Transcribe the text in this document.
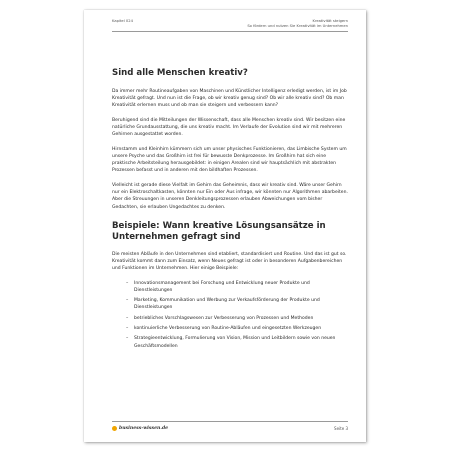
Kapitel 024	Kreativität steigern
So fördern und nutzen Sie Kreativität im Unternehmen
Sind alle Menschen kreativ?

Da immer mehr Routineaufgaben von Maschinen und Künstlicher Intelligenz erledigt werden, ist im Job Kreativität gefragt. Und nun ist die Frage, ob wir kreativ genug sind? Ob wir alle kreativ sind? Ob man Kreativität erlernen muss und ob man sie steigern und verbessern kann?

Beruhigend sind die Mitteilungen der Wissenschaft, dass alle Menschen kreativ sind. Wir besitzen eine natürliche Grundausstattung, die uns kreativ macht. Im Verlaufe der Evolution sind wir mit mehreren Gehirnen ausgestattet worden.

Hirnstamm und Kleinhirn kümmern sich um unser physisches Funktionieren, das Limbische System um unsere Psyche und das Großhirn ist frei für bewusste Denkprozesse. Im Großhirn hat sich eine praktische Arbeitsteilung herausgebildet: in einigen Arealen sind wir hauptsächlich mit abstrakten Prozessen befasst und in anderen mit den bildhaften Prozessen.

Vielleicht ist gerade diese Vielfalt im Gehirn das Geheimnis, dass wir kreativ sind. Wäre unser Gehirn nur ein Elektroschaltkasten, könnten nur Ein oder Aus infrage, wir könnten nur Algorithmen abarbeiten. Aber die Streuungen in unseren Denkleitungsprozessen erlauben Abweichungen vom bisher Gedachten, sie erlauben Ungedachtes zu denken.

Beispiele: Wann kreative Lösungsansätze in Unternehmen gefragt sind

Die meisten Abläufe in den Unternehmen sind etabliert, standardisiert und Routine. Und das ist gut so. Kreativität kommt dann zum Einsatz, wenn Neues gefragt ist oder in besonderen Aufgabenbereichen und Funktionen im Unternehmen. Hier einige Beispiele:

– Innovationsmanagement bei Forschung und Entwicklung neuer Produkte und Dienstleistungen
– Marketing, Kommunikation und Werbung zur Verkaufsförderung der Produkte und Dienstleistungen
– betriebliches Vorschlagswesen zur Verbesserung von Prozessen und Methoden
– kontinuierliche Verbesserung von Routine-Abläufen und eingesetzten Werkzeugen
– Strategieentwicklung, Formulierung von Vision, Mission und Leitbildern sowie von neuen Geschäftsmodellen
business-wissen.de	Seite 3
